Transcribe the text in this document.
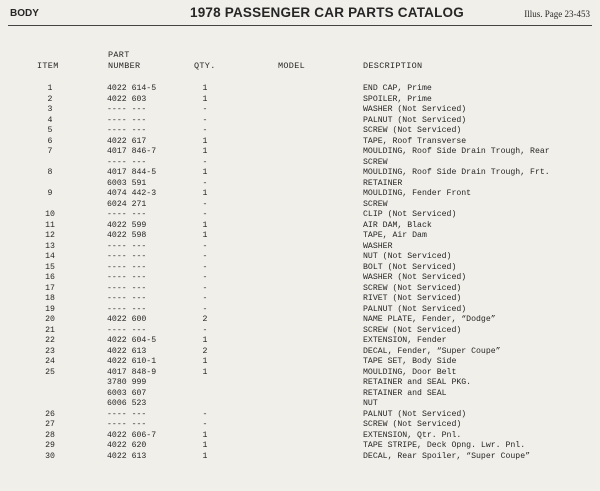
BODY	1978 PASSENGER CAR PARTS CATALOG	Illus. Page 23-453
ITEM
PART
NUMBER	QTY.	MODEL	DESCRIPTION
1	4022 614-5	1	END CAP, Prime
2	4022 603	1	SPOILER, Prime
3	---- ---	-	WASHER (Not Serviced)
4	---- ---	-	PALNUT (Not Serviced)
5	---- ---	-	SCREW (Not Serviced)
6	4022 617	1	TAPE, Roof Transverse
7	4017 846-7	1	MOULDING, Roof Side Drain Trough, Rear
---- ---	-	SCREW
8	4017 844-5	1	MOULDING, Roof Side Drain Trough, Frt.
6003 591	-	RETAINER
9	4074 442-3	1	MOULDING, Fender Front
6024 271	-	SCREW
10	---- ---	-	CLIP (Not Serviced)
11	4022 599	1	AIR DAM, Black
12	4022 598	1	TAPE, Air Dam
13	---- ---	-	WASHER
14	---- ---	-	NUT (Not Serviced)
15	---- ---	-	BOLT (Not Serviced)
16	---- ---	-	WASHER (Not Serviced)
17	---- ---	-	SCREW (Not Serviced)
18	---- ---	-	RIVET (Not Serviced)
19	---- ---	-	PALNUT (Not Serviced)
20	4022 600	2	NAME PLATE, Fender, “Dodge”
21	---- ---	-	SCREW (Not Serviced)
22	4022 604-5	1	EXTENSION, Fender
23	4022 613	2	DECAL, Fender, “Super Coupe”
24	4022 610-1	1	TAPE SET, Body Side
25	4017 848-9	1	MOULDING, Door Belt
3780 999	RETAINER and SEAL PKG.
6003 607	RETAINER and SEAL
6006 523	NUT
26	---- ---	-	PALNUT (Not Serviced)
27	---- ---	-	SCREW (Not Serviced)
28	4022 606-7	1	EXTENSION, Qtr. Pnl.
29	4022 620	1	TAPE STRIPE, Deck Opng. Lwr. Pnl.
30	4022 613	1	DECAL, Rear Spoiler, “Super Coupe”
